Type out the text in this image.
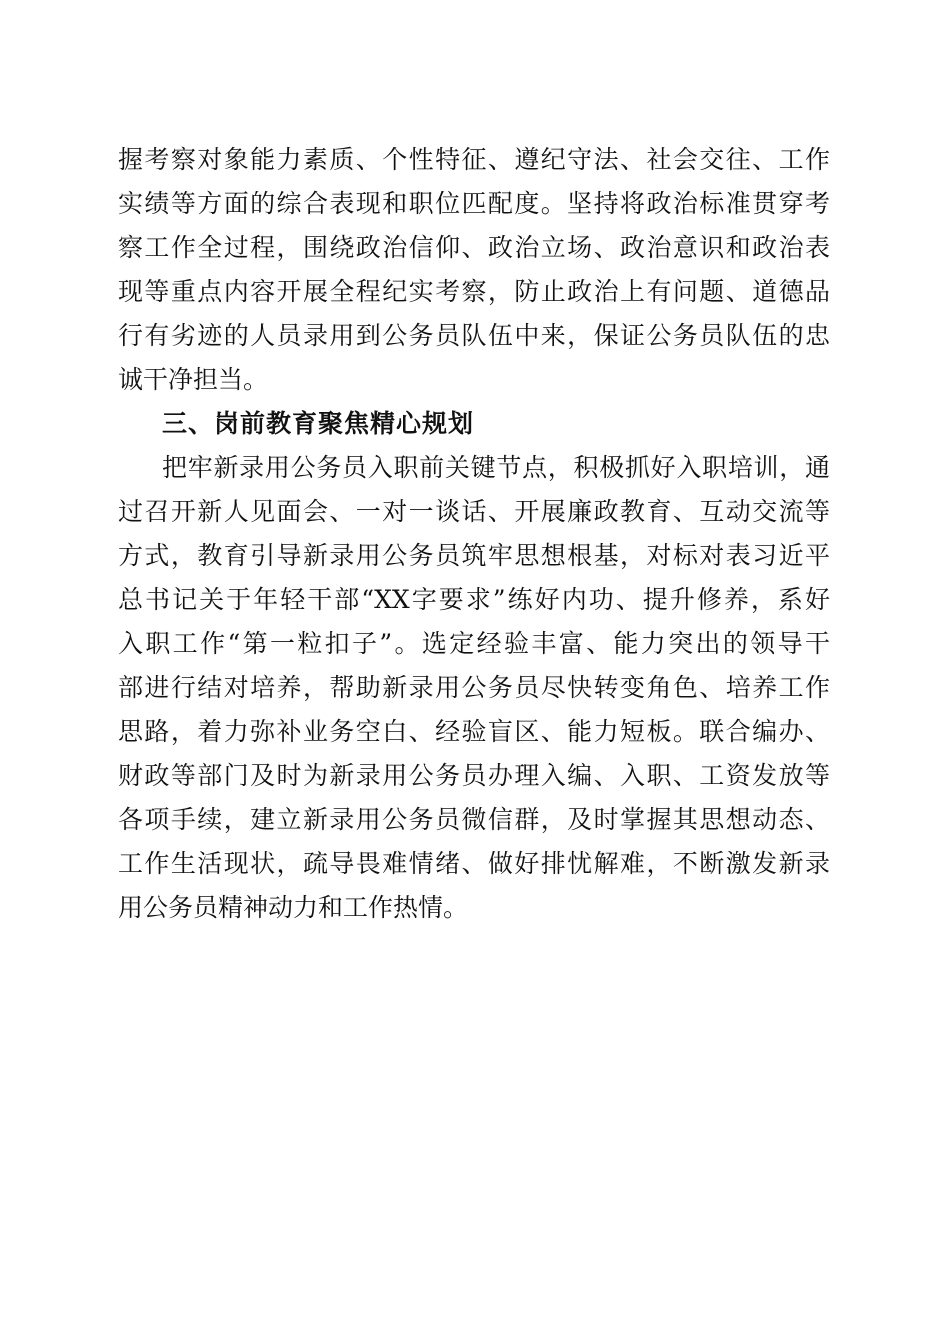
握考察对象能力素质、个性特征、遵纪守法、社会交往、工作
实绩等方面的综合表现和职位匹配度。坚持将政治标准贯穿考
察工作全过程，围绕政治信仰、政治立场、政治意识和政治表
现等重点内容开展全程纪实考察，防止政治上有问题、道德品
行有劣迹的人员录用到公务员队伍中来，保证公务员队伍的忠
诚干净担当。
三、岗前教育聚焦精心规划
把牢新录用公务员入职前关键节点，积极抓好入职培训，通
过召开新人见面会、一对一谈话、开展廉政教育、互动交流等
方式，教育引导新录用公务员筑牢思想根基，对标对表习近平
总书记关于年轻干部“XX字要求”练好内功、提升修养，系好
入职工作“第一粒扣子”。选定经验丰富、能力突出的领导干
部进行结对培养，帮助新录用公务员尽快转变角色、培养工作
思路，着力弥补业务空白、经验盲区、能力短板。联合编办、
财政等部门及时为新录用公务员办理入编、入职、工资发放等
各项手续，建立新录用公务员微信群，及时掌握其思想动态、
工作生活现状，疏导畏难情绪、做好排忧解难，不断激发新录
用公务员精神动力和工作热情。
